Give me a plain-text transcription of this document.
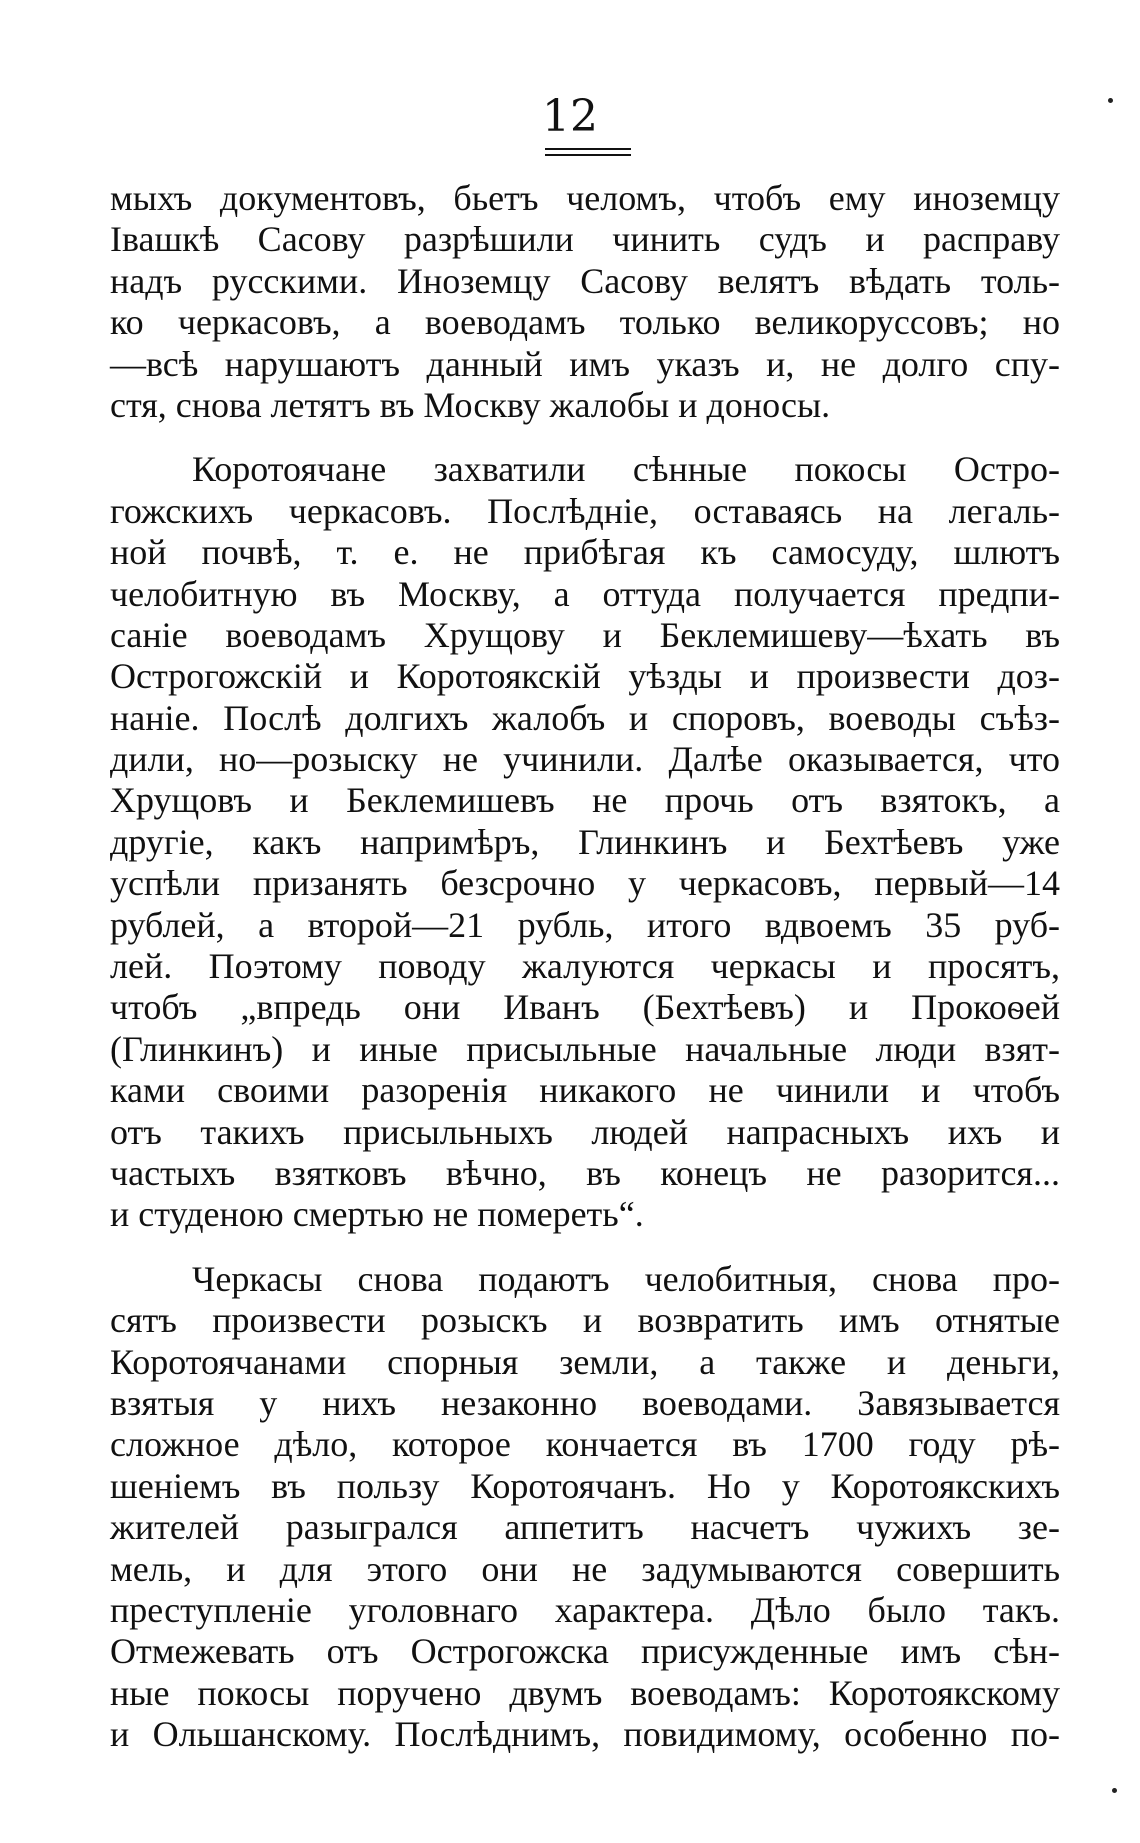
12
мыхъ документовъ, бьетъ челомъ, чтобъ ему иноземцу
Івашкѣ Сасову разрѣшили чинить судъ и расправу
надъ русскими. Иноземцу Сасову велятъ вѣдать толь-
ко черкасовъ, а воеводамъ только великоруссовъ; но
—всѣ нарушаютъ данный имъ указъ и, не долго спу-
стя, снова летятъ въ Москву жалобы и доносы.
Коротоячане захватили сѣнные покосы Остро-
гожскихъ черкасовъ. Послѣдніе, оставаясь на легаль-
ной почвѣ, т. е. не прибѣгая къ самосуду, шлютъ
челобитную въ Москву, а оттуда получается предпи-
саніе воеводамъ Хрущову и Беклемишеву—ѣхать въ
Острогожскій и Коротоякскій уѣзды и произвести доз-
наніе. Послѣ долгихъ жалобъ и споровъ, воеводы съѣз-
дили, но—розыску не учинили. Далѣе оказывается, что
Хрущовъ и Беклемишевъ не прочь отъ взятокъ, а
другіе, какъ напримѣръ, Глинкинъ и Бехтѣевъ уже
успѣли призанять безсрочно у черкасовъ, первый—14
рублей, а второй—21 рубль, итого вдвоемъ 35 руб-
лей. Поэтому поводу жалуются черкасы и просятъ,
чтобъ „впредь они Иванъ (Бехтѣевъ) и Прокоѳей
(Глинкинъ) и иные присыльные начальные люди взят-
ками своими разоренія никакого не чинили и чтобъ
отъ такихъ присыльныхъ людей напрасныхъ ихъ и
частыхъ взятковъ вѣчно, въ конецъ не разорится...
и студеною смертью не помереть“.
Черкасы снова подаютъ челобитныя, снова про-
сятъ произвести розыскъ и возвратить имъ отнятые
Коротоячанами спорныя земли, а также и деньги,
взятыя у нихъ незаконно воеводами. Завязывается
сложное дѣло, которое кончается въ 1700 году рѣ-
шеніемъ въ пользу Коротоячанъ. Но у Коротоякскихъ
жителей разыгрался аппетитъ насчетъ чужихъ зе-
мель, и для этого они не задумываются совершить
преступленіе уголовнаго характера. Дѣло было такъ.
Отмежевать отъ Острогожска присужденные имъ сѣн-
ные покосы поручено двумъ воеводамъ: Коротоякскому
и Ольшанскому. Послѣднимъ, повидимому, особенно по-
